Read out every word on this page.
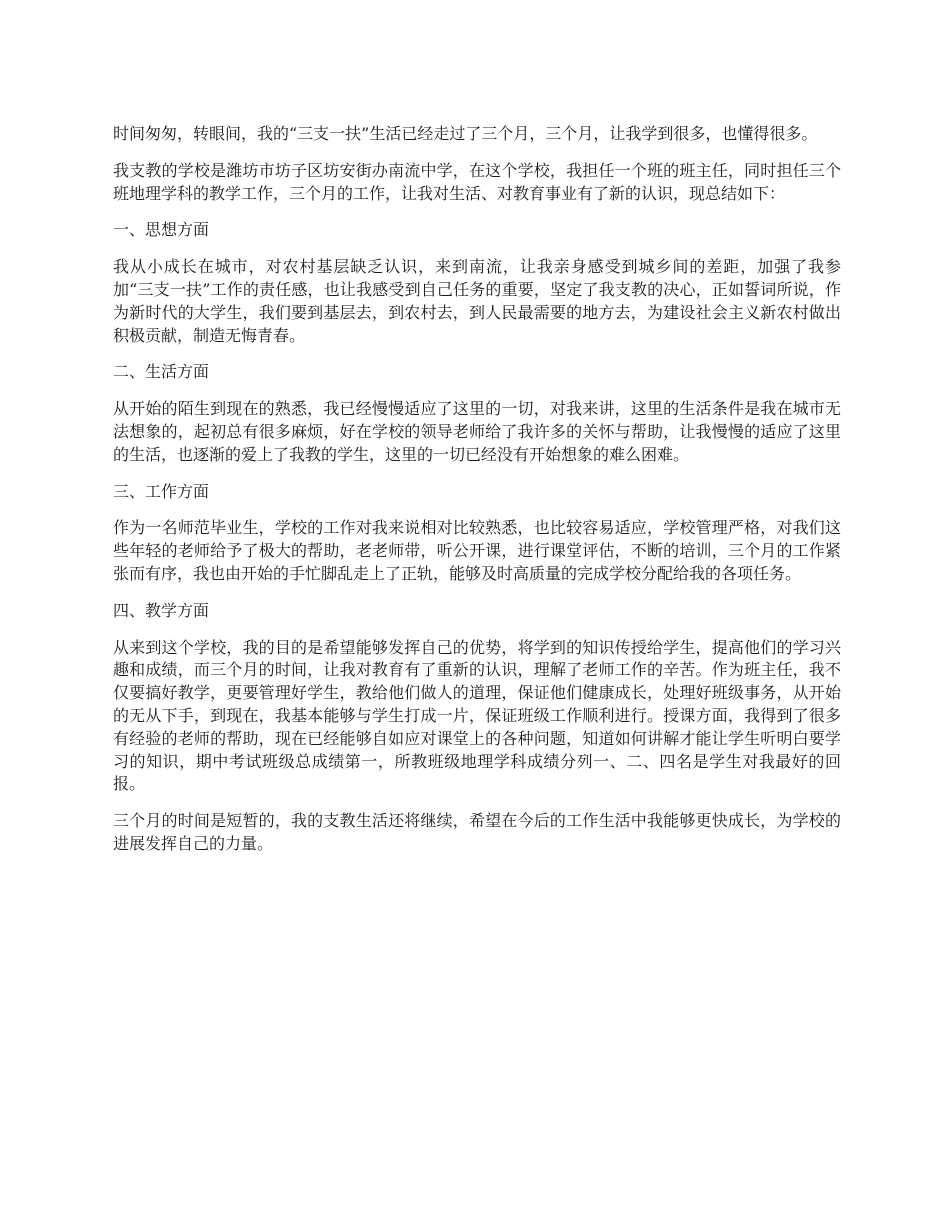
时间匆匆，转眼间，我的“三支一扶”生活已经走过了三个月，三个月，让我学到很多，也懂得很多。

我支教的学校是潍坊市坊子区坊安街办南流中学，在这个学校，我担任一个班的班主任，同时担任三个班地理学科的教学工作，三个月的工作，让我对生活、对教育事业有了新的认识，现总结如下：

一、思想方面

我从小成长在城市，对农村基层缺乏认识，来到南流，让我亲身感受到城乡间的差距，加强了我参加“三支一扶”工作的责任感，也让我感受到自己任务的重要，坚定了我支教的决心，正如誓词所说，作为新时代的大学生，我们要到基层去，到农村去，到人民最需要的地方去，为建设社会主义新农村做出积极贡献，制造无悔青春。

二、生活方面

从开始的陌生到现在的熟悉，我已经慢慢适应了这里的一切，对我来讲，这里的生活条件是我在城市无法想象的，起初总有很多麻烦，好在学校的领导老师给了我许多的关怀与帮助，让我慢慢的适应了这里的生活，也逐渐的爱上了我教的学生，这里的一切已经没有开始想象的难么困难。

三、工作方面

作为一名师范毕业生，学校的工作对我来说相对比较熟悉，也比较容易适应，学校管理严格，对我们这些年轻的老师给予了极大的帮助，老老师带，听公开课，进行课堂评估，不断的培训，三个月的工作紧张而有序，我也由开始的手忙脚乱走上了正轨，能够及时高质量的完成学校分配给我的各项任务。

四、教学方面

从来到这个学校，我的目的是希望能够发挥自己的优势，将学到的知识传授给学生，提高他们的学习兴趣和成绩，而三个月的时间，让我对教育有了重新的认识，理解了老师工作的辛苦。作为班主任，我不仅要搞好教学，更要管理好学生，教给他们做人的道理，保证他们健康成长，处理好班级事务，从开始的无从下手，到现在，我基本能够与学生打成一片，保证班级工作顺利进行。授课方面，我得到了很多有经验的老师的帮助，现在已经能够自如应对课堂上的各种问题，知道如何讲解才能让学生听明白要学习的知识，期中考试班级总成绩第一，所教班级地理学科成绩分列一、二、四名是学生对我最好的回报。

三个月的时间是短暂的，我的支教生活还将继续，希望在今后的工作生活中我能够更快成长，为学校的进展发挥自己的力量。
